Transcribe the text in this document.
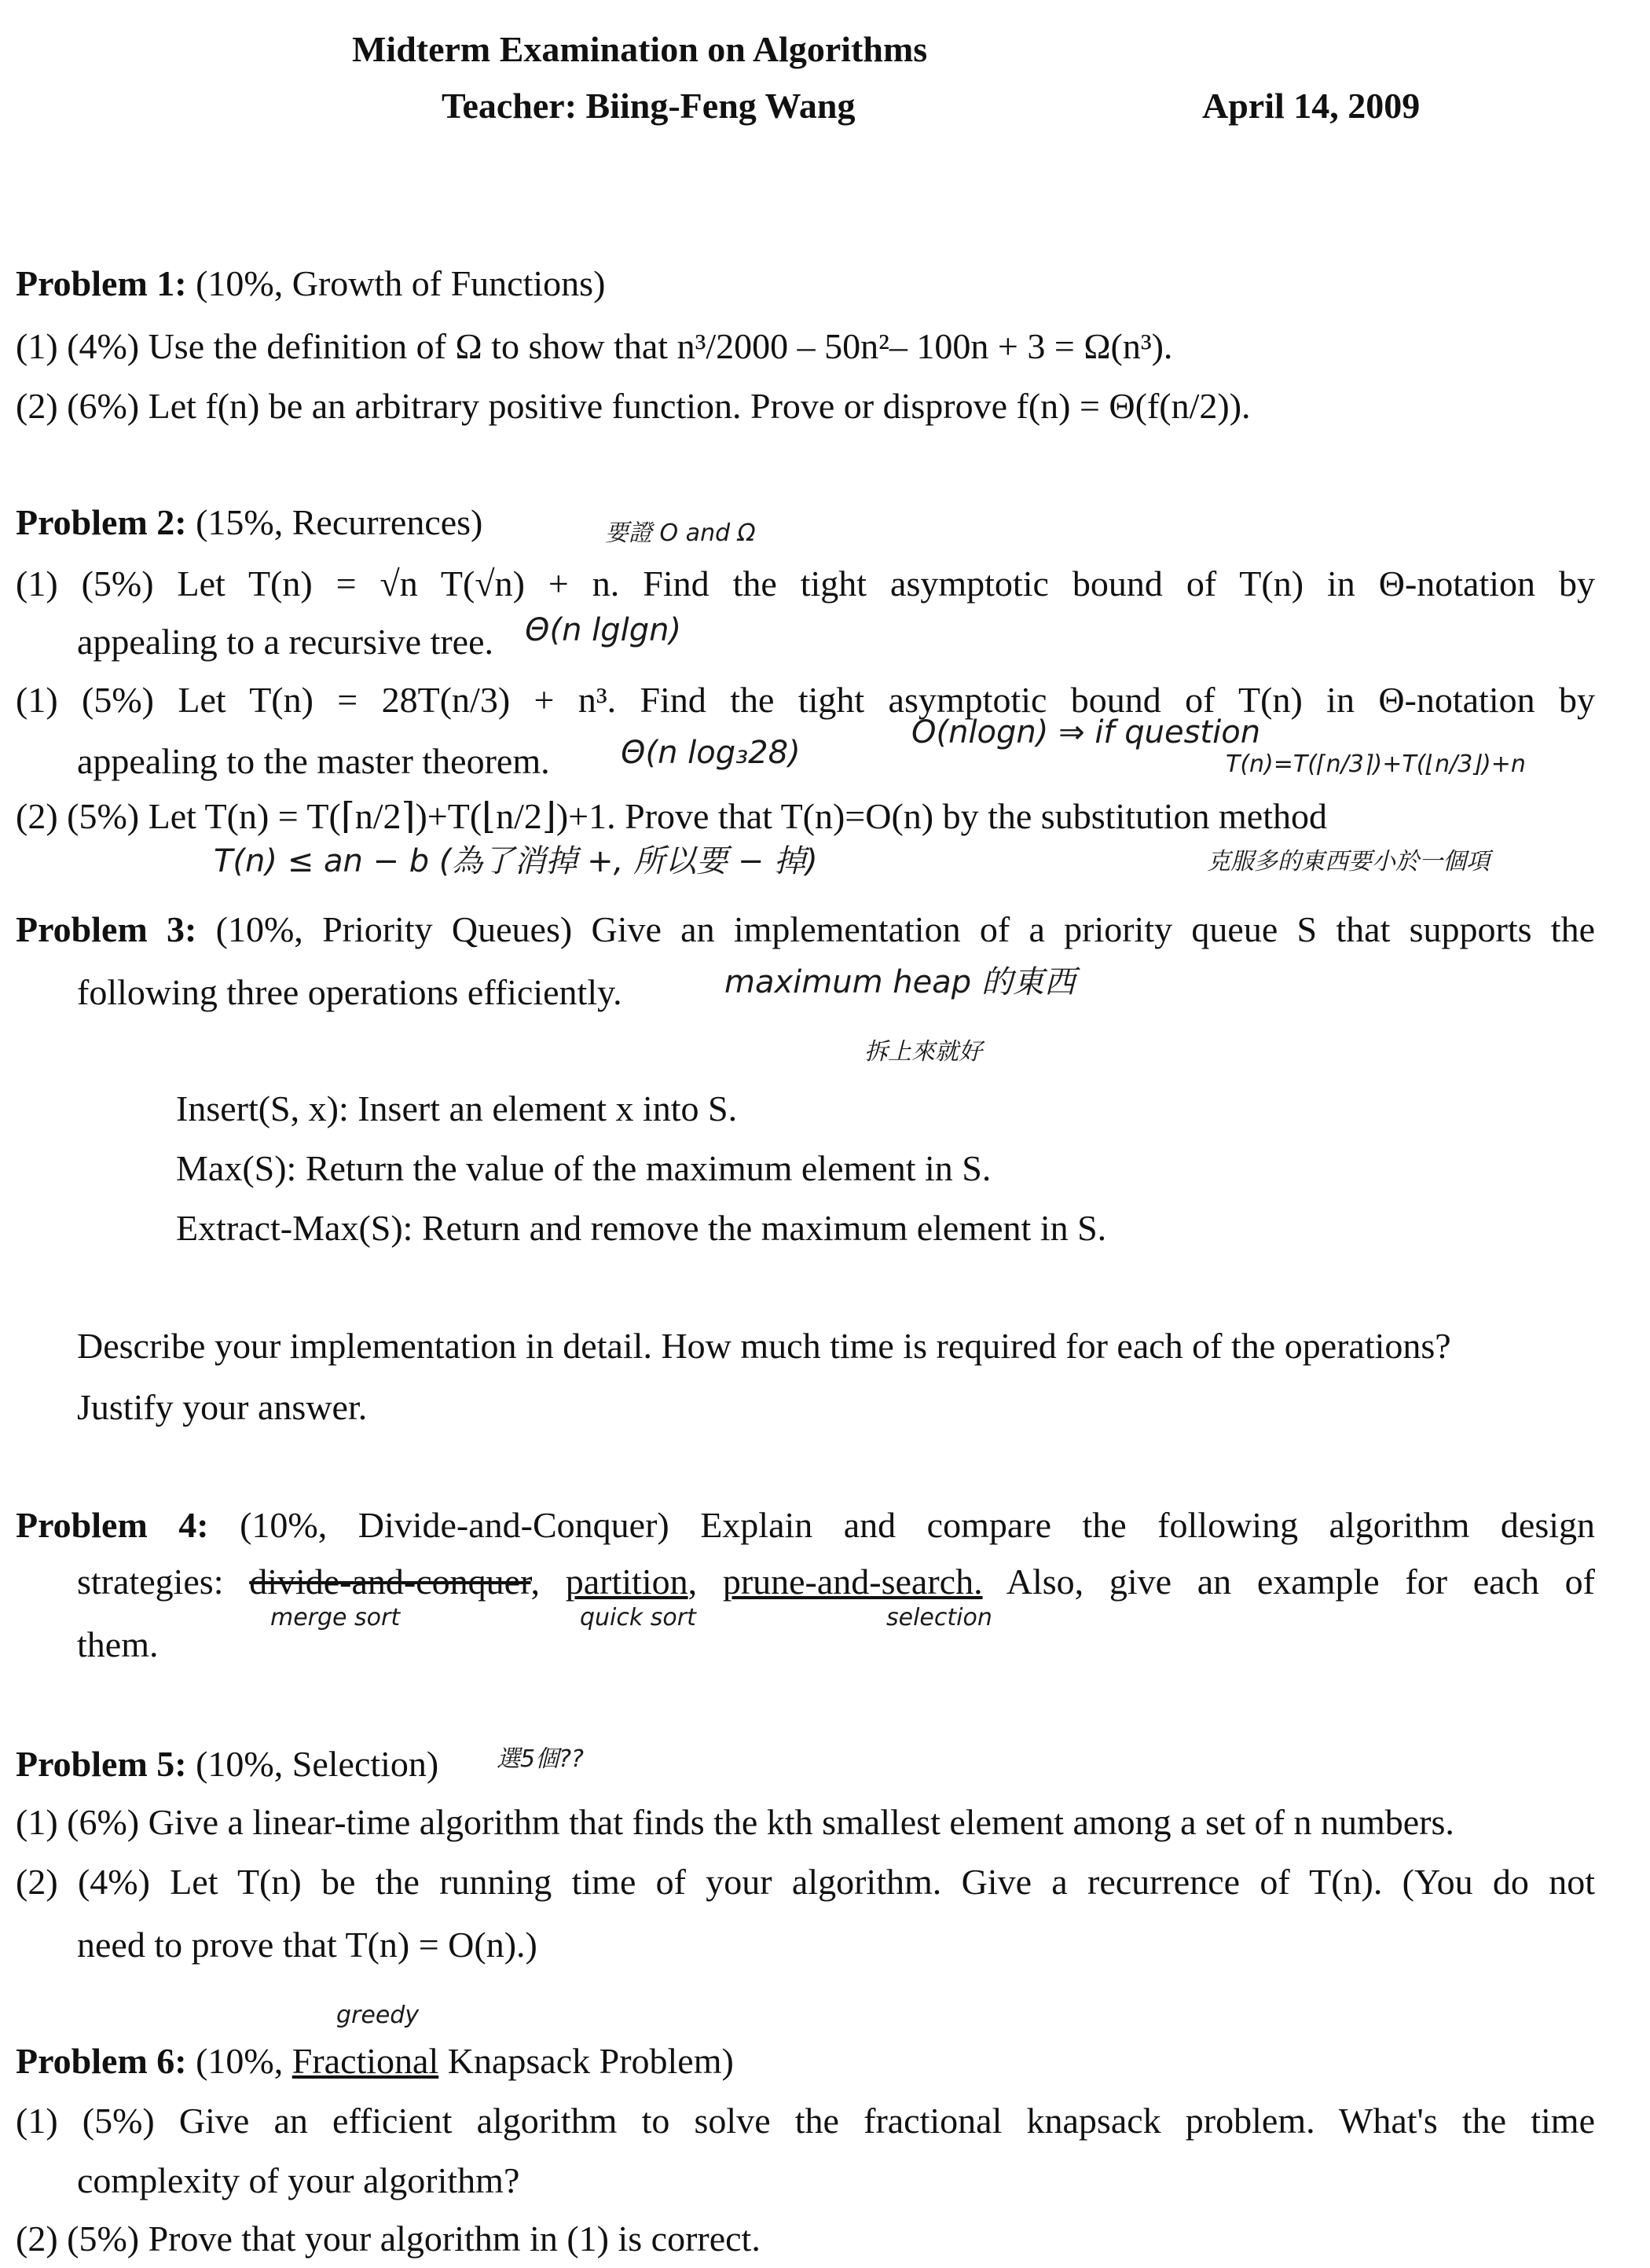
Midterm Examination on Algorithms
Teacher: Biing-Feng Wang	April 14, 2009
Problem 1: (10%, Growth of Functions)
(1) (4%) Use the definition of Ω to show that n³/2000 – 50n²– 100n + 3 = Ω(n³).
(2) (6%) Let f(n) be an arbitrary positive function. Prove or disprove f(n) = Θ(f(n/2)).
Problem 2: (15%, Recurrences)	要證 O and Ω
(1) (5%) Let T(n) = √n T(√n) + n. Find the tight asymptotic bound of T(n) in Θ-notation by
appealing to a recursive tree. Θ(n lglgn)
(1) (5%) Let T(n) = 28T(n/3) + n³. Find the tight asymptotic bound of T(n) in Θ-notation by
appealing to the master theorem. Θ(n log₃28)
O(nlogn) ⇒ if question
T(n)=T(⌈n/3⌉)+T(⌊n/3⌋)+n
(2) (5%) Let T(n) = T(⌈n/2⌉)+T(⌊n/2⌋)+1. Prove that T(n)=O(n) by the substitution method
T(n) ≤ an − b (為了消掉 +, 所以要 − 掉)	克服多的東西要小於一個項
Problem 3: (10%, Priority Queues) Give an implementation of a priority queue S that supports the
following three operations efficiently.	maximum heap 的東西
拆上來就好
Insert(S, x): Insert an element x into S.
Max(S): Return the value of the maximum element in S.
Extract-Max(S): Return and remove the maximum element in S.
Describe your implementation in detail. How much time is required for each of the operations?
Justify your answer.
Problem 4: (10%, Divide-and-Conquer) Explain and compare the following algorithm design
strategies: divide-and-conquer, partition, prune-and-search. Also, give an example for each of
them.
merge sort	quick sort	selection
Problem 5: (10%, Selection) 選5個??
(1) (6%) Give a linear-time algorithm that finds the kth smallest element among a set of n numbers.
(2) (4%) Let T(n) be the running time of your algorithm. Give a recurrence of T(n). (You do not
need to prove that T(n) = O(n).)
greedy
Problem 6: (10%, Fractional Knapsack Problem)
(1) (5%) Give an efficient algorithm to solve the fractional knapsack problem. What's the time
complexity of your algorithm?
(2) (5%) Prove that your algorithm in (1) is correct.
